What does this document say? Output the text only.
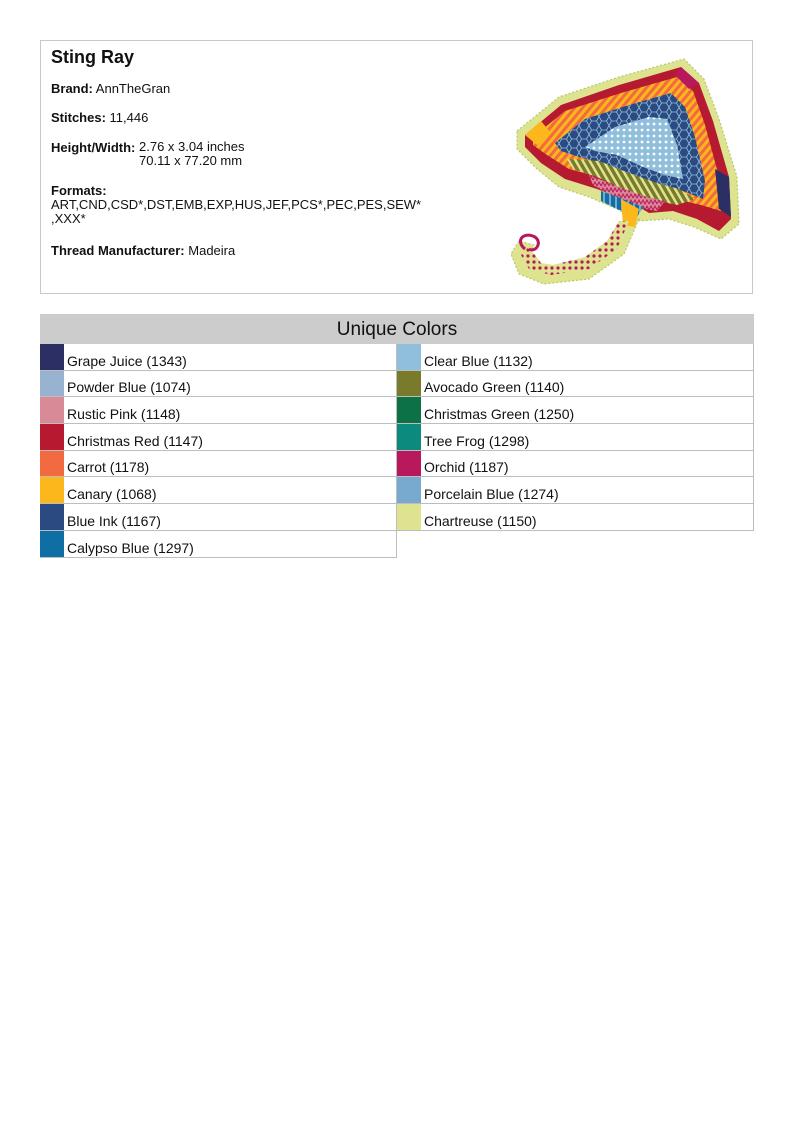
Sting Ray
Brand: AnnTheGran
Stitches: 11,446
Height/Width: 2.76 x 3.04 inches
70.11 x 77.20 mm
Formats:
ART,CND,CSD*,DST,EMB,EXP,HUS,JEF,PCS*,PEC,PES,SEW*
,XXX*
Thread Manufacturer: Madeira
Unique Colors
Grape Juice (1343)
Powder Blue (1074)
Rustic Pink (1148)
Christmas Red (1147)
Carrot (1178)
Canary (1068)
Blue Ink (1167)
Calypso Blue (1297)
Clear Blue (1132)
Avocado Green (1140)
Christmas Green (1250)
Tree Frog (1298)
Orchid (1187)
Porcelain Blue (1274)
Chartreuse (1150)
